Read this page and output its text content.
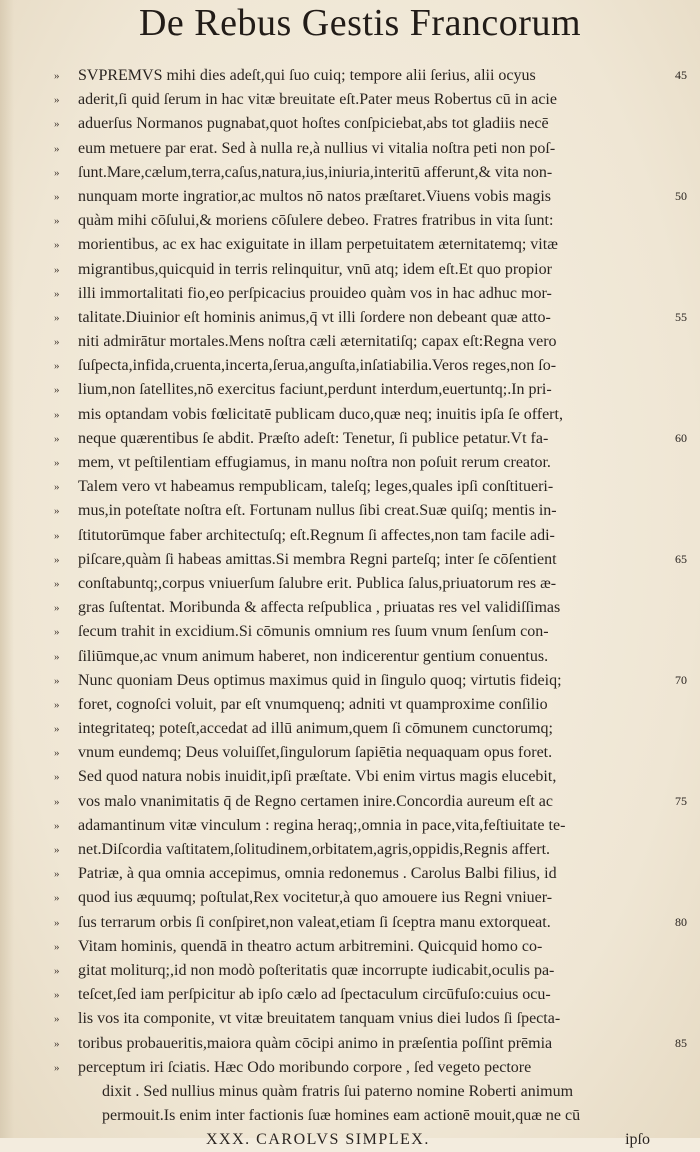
De Rebus Gestis Francorum
»	SVPREMVS mihi dies adeſt,qui ſuo cuiq; tempore alii ſerius, alii ocyus
»	aderit,ſi quid ſerum in hac vitæ breuitate eſt.Pater meus Robertus cū in acie
»	aduerſus Normanos pugnabat,quot hoſtes conſpiciebat,abs tot gladiis necē
»	eum metuere par erat. Sed à nulla re,à nullius vi vitalia noſtra peti non poſ-
»	ſunt.Mare,cælum,terra,caſus,natura,ius,iniuria,interitū afferunt,& vita non-
»	nunquam morte ingratior,ac multos nō natos præſtaret.Viuens vobis magis
»	quàm mihi cōſului,& moriens cōſulere debeo. Fratres fratribus in vita ſunt:
»	morientibus, ac ex hac exiguitate in illam perpetuitatem æternitatemq; vitæ
»	migrantibus,quicquid in terris relinquitur, vnū atq; idem eſt.Et quo propior
»	illi immortalitati fio,eo perſpicacius prouideo quàm vos in hac adhuc mor-
»	talitate.Diuinior eſt hominis animus,q̄ vt illi ſordere non debeant quæ atto-
»	niti admirātur mortales.Mens noſtra cæli æternitatiſq; capax eſt:Regna vero
»	ſuſpecta,infida,cruenta,incerta,ſerua,anguſta,inſatiabilia.Veros reges,non ſo-
»	lium,non ſatellites,nō exercitus faciunt,perdunt interdum,euertuntq;.In pri-
»	mis optandam vobis fœlicitatē publicam duco,quæ neq; inuitis ipſa ſe offert,
»	neque quærentibus ſe abdit. Præſto adeſt: Tenetur, ſi publice petatur.Vt fa-
»	mem, vt peſtilentiam effugiamus, in manu noſtra non poſuit rerum creator.
»	Talem vero vt habeamus rempublicam, taleſq; leges,quales ipſi conſtitueri-
»	mus,in poteſtate noſtra eſt. Fortunam nullus ſibi creat.Suæ quiſq; mentis in-
»	ſtitutorūmque faber architectuſq; eſt.Regnum ſi affectes,non tam facile adi-
»	piſcare,quàm ſi habeas amittas.Si membra Regni parteſq; inter ſe cōſentient
»	conſtabuntq;,corpus vniuerſum ſalubre erit. Publica ſalus,priuatorum res æ-
»	gras ſuſtentat. Moribunda & affecta reſpublica , priuatas res vel validiſſimas
»	ſecum trahit in excidium.Si cōmunis omnium res ſuum vnum ſenſum con-
»	ſiliūmque,ac vnum animum haberet, non indicerentur gentium conuentus.
»	Nunc quoniam Deus optimus maximus quid in ſingulo quoq; virtutis fideiq;
»	foret, cognoſci voluit, par eſt vnumquenq; adniti vt quamproxime conſilio
»	integritateq; poteſt,accedat ad illū animum,quem ſi cōmunem cunctorumq;
»	vnum eundemq; Deus voluiſſet,ſingulorum ſapiētia nequaquam opus foret.
»	Sed quod natura nobis inuidit,ipſi præſtate. Vbi enim virtus magis elucebit,
»	vos malo vnanimitatis q̄ de Regno certamen inire.Concordia aureum eſt ac
»	adamantinum vitæ vinculum : regina heraq;,omnia in pace,vita,feſtiuitate te-
»	net.Diſcordia vaſtitatem,ſolitudinem,orbitatem,agris,oppidis,Regnis affert.
»	Patriæ, à qua omnia accepimus, omnia redonemus . Carolus Balbi filius, id
»	quod ius æquumq; poſtulat,Rex vocitetur,à quo amouere ius Regni vniuer-
»	ſus terrarum orbis ſi conſpiret,non valeat,etiam ſi ſceptra manu extorqueat.
»	Vitam hominis, quendā in theatro actum arbitremini. Quicquid homo co-
»	gitat moliturq;,id non modò poſteritatis quæ incorrupte iudicabit,oculis pa-
»	teſcet,ſed iam perſpicitur ab ipſo cælo ad ſpectaculum circūfuſo:cuius ocu-
»	lis vos ita componite, vt vitæ breuitatem tanquam vnius diei ludos ſi ſpecta-
»	toribus probaueritis,maiora quàm cōcipi animo in præſentia poſſint prēmia
»	perceptum iri ſciatis. Hæc Odo moribundo corpore , ſed vegeto pectore
dixit . Sed nullius minus quàm fratris ſui paterno nomine Roberti animum
permouit.Is enim inter factionis ſuæ homines eam actionē mouit,quæ ne cū
XXX. CAROLVS SIMPLEX.	ipſo
45
50
55
60
65
70
75
80
85
